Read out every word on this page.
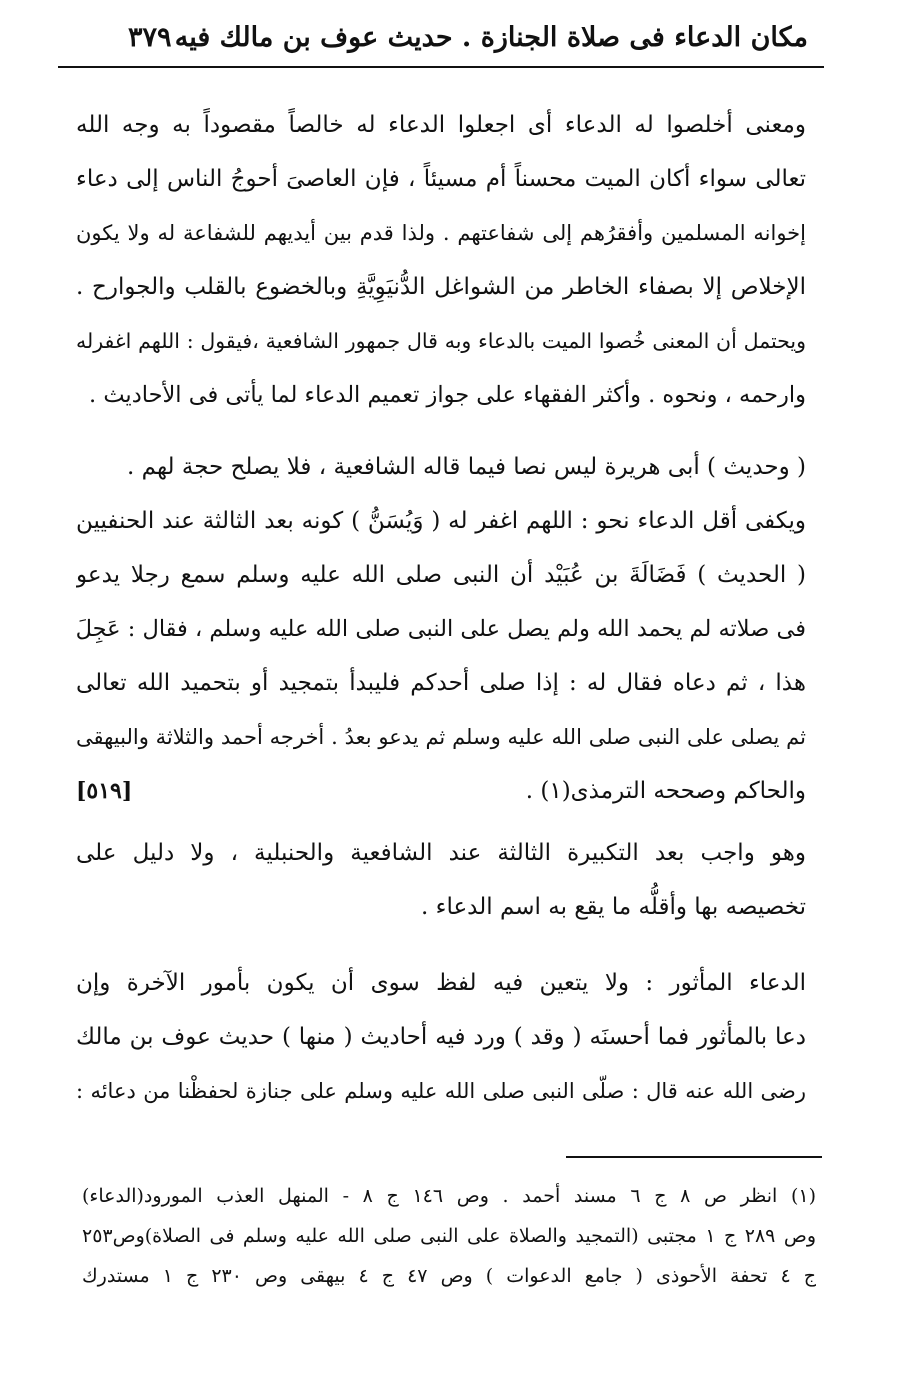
مكان الدعاء فى صلاة الجنازة . حديث عوف بن مالك فيه
٣٧٩
ومعنى أخلصوا له الدعاء أى اجعلوا الدعاء له خالصاً مقصوداً به وجه الله
تعالى سواء أكان الميت محسناً أم مسيئاً ، فإن العاصىَ أحوجُ الناس إلى دعاء
إخوانه المسلمين وأفقرُهم إلى شفاعتهم . ولذا قدم بين أيديهم للشفاعة له ولا يكون
الإخلاص إلا بصفاء الخاطر من الشواغل الدُّنيَوِيَّةِ وبالخضوع بالقلب والجوارح .
ويحتمل أن المعنى خُصوا الميت بالدعاء وبه قال جمهور الشافعية ،فيقول : اللهم اغفرله
وارحمه ، ونحوه . وأكثر الفقهاء على جواز تعميم الدعاء لما يأتى فى الأحاديث .
( وحديث ) أبى هريرة ليس نصا فيما قاله الشافعية ، فلا يصلح حجة لهم .
ويكفى أقل الدعاء نحو : اللهم اغفر له ( وَيُسَنُّ ) كونه بعد الثالثة عند الحنفيين
( الحديث ) فَضَالَةَ بن عُبَيْد أن النبى صلى الله عليه وسلم سمع رجلا يدعو
فى صلاته لم يحمد الله ولم يصل على النبى صلى الله عليه وسلم ، فقال : عَجِلَ
هذا ، ثم دعاه فقال له : إذا صلى أحدكم فليبدأ بتمجيد أو بتحميد الله تعالى
ثم يصلى على النبى صلى الله عليه وسلم ثم يدعو بعدُ . أخرجه أحمد والثلاثة والبيهقى
والحاكم وصححه الترمذى(١) .
[٥١٩]
وهو واجب بعد التكبيرة الثالثة عند الشافعية والحنبلية ، ولا دليل على
تخصيصه بها وأقلُّه ما يقع به اسم الدعاء .
الدعاء المأثور : ولا يتعين فيه لفظ سوى أن يكون بأمور الآخرة وإن
دعا بالمأثور فما أحسنَه ( وقد ) ورد فيه أحاديث ( منها ) حديث عوف بن مالك
رضى الله عنه قال : صلّى النبى صلى الله عليه وسلم على جنازة لحفظْنا من دعائه :
(١) انظر ص ٨ ج ٦ مسند أحمد . وص ١٤٦ ج ٨ - المنهل العذب المورود(الدعاء)
وص ٢٨٩ ج ١ مجتبى (التمجيد والصلاة على النبى صلى الله عليه وسلم فى الصلاة)وص٢٥٣
ج ٤ تحفة الأحوذى ( جامع الدعوات ) وص ٤٧ ج ٤ بيهقى وص ٢٣٠ ج ١ مستدرك
